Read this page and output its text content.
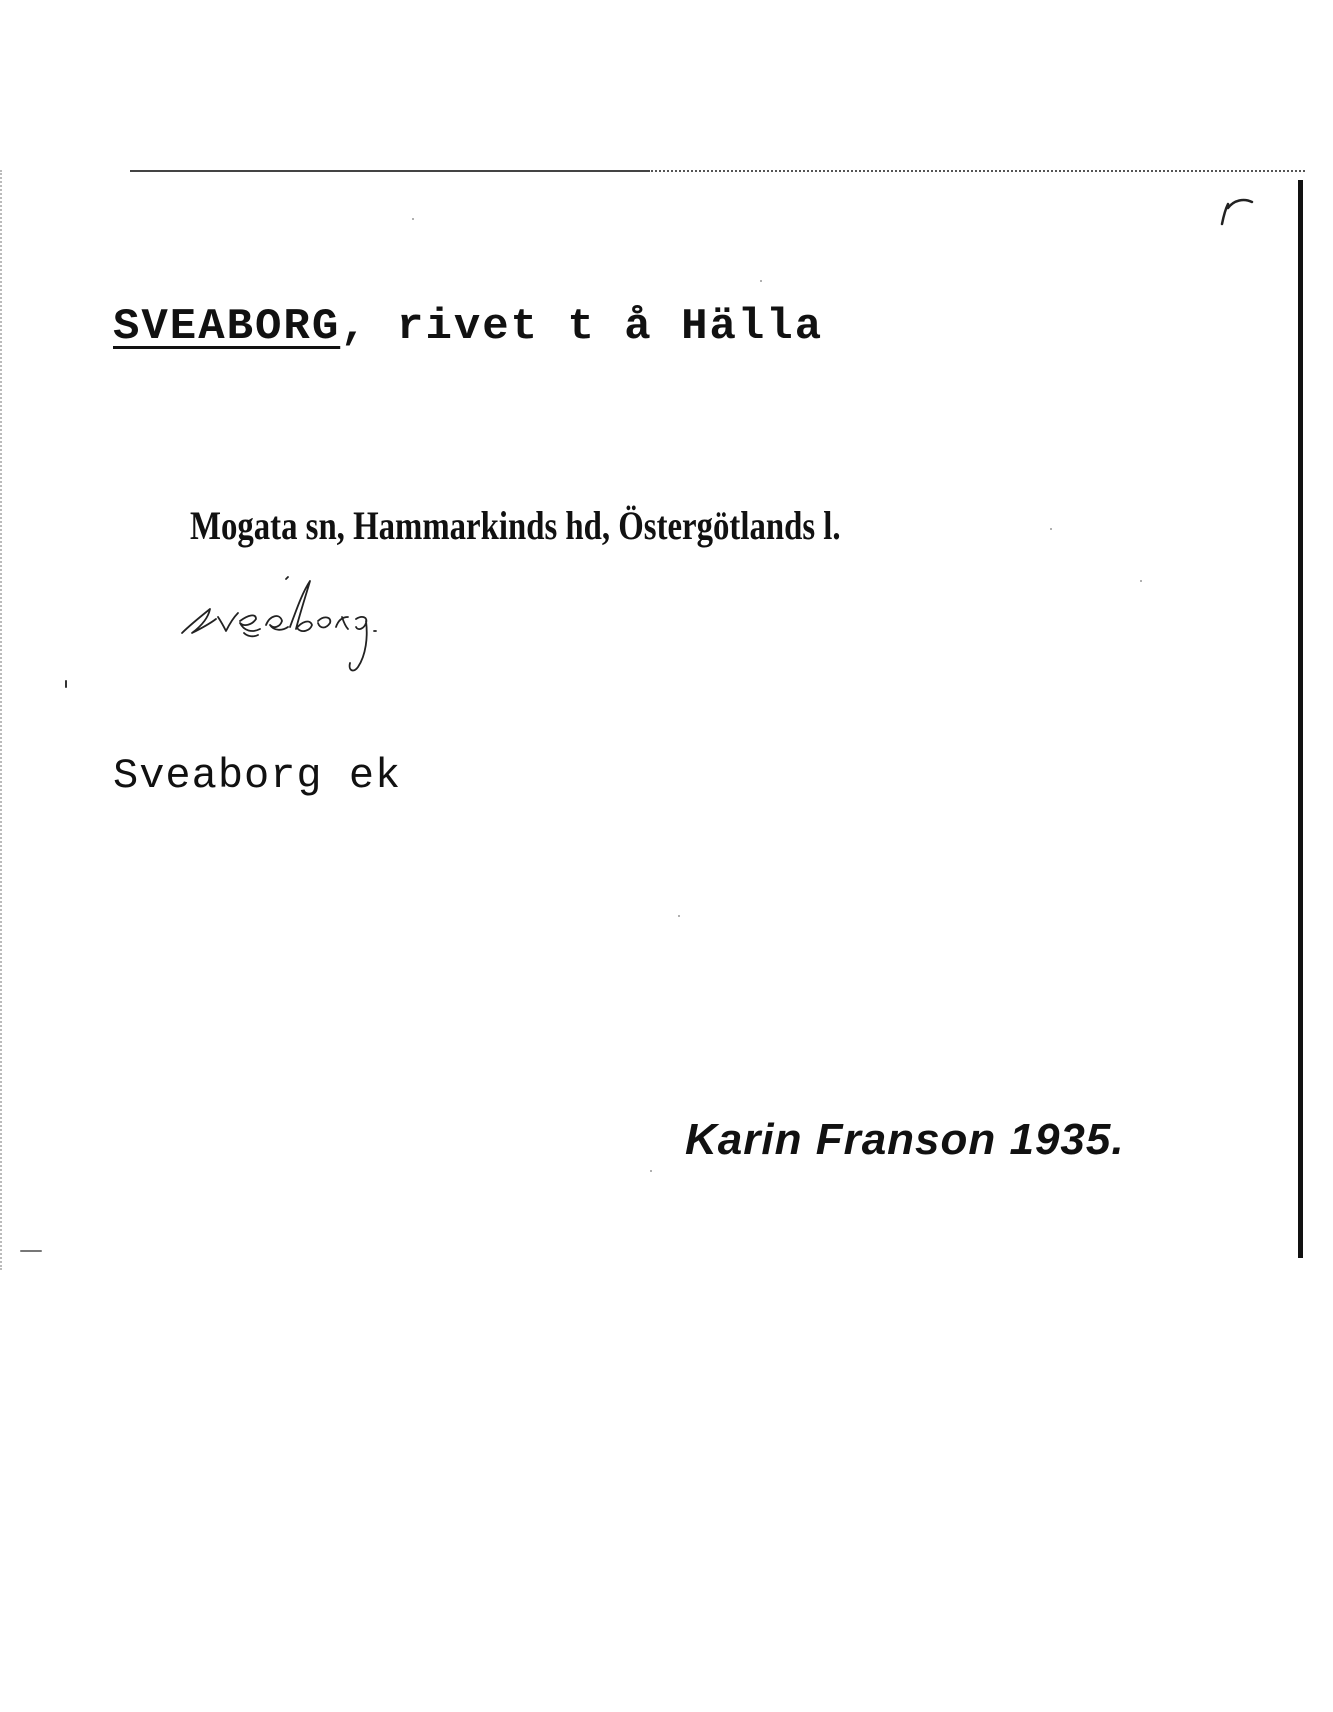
SVEABORG, rivet t å Hälla
Mogata sn, Hammarkinds hd, Östergötlands l.
Sveaborg ek
Karin Franson 1935.
